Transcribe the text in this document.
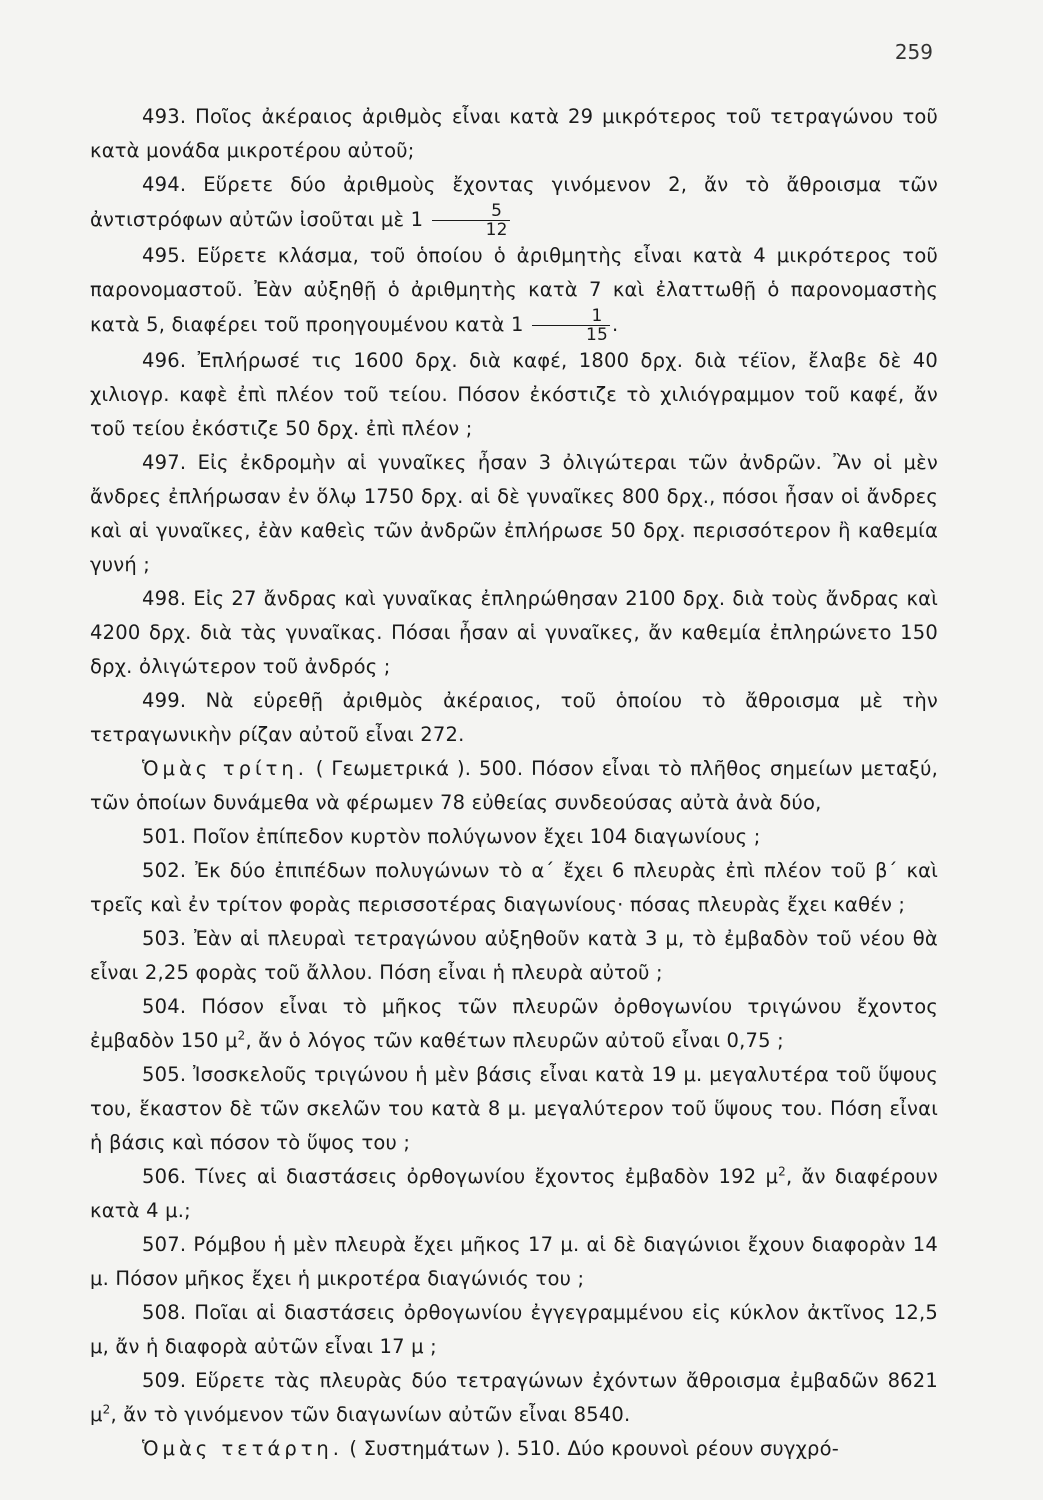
259

493. Ποῖος ἀκέραιος ἀριθμὸς εἶναι κατὰ 29 μικρότερος τοῦ τετραγώνου τοῦ κατὰ μονάδα μικροτέρου αὐτοῦ;

494. Εὕρετε δύο ἀριθμοὺς ἔχοντας γινόμενον 2, ἄν τὸ ἄθροισμα τῶν ἀντιστρόφων αὐτῶν ἰσοῦται μὲ $1 \frac{5}{12}$

495. Εὕρετε κλάσμα, τοῦ ὁποίου ὁ ἀριθμητὴς εἶναι κατὰ 4 μικρότερος τοῦ παρονομαστοῦ. Ἐὰν αὐξηθῇ ὁ ἀριθμητὴς κατὰ 7 καὶ ἐλαττωθῇ ὁ παρονομαστὴς κατὰ 5, διαφέρει τοῦ προηγουμένου κατὰ $1 \frac{1}{15}$ .

496. Ἐπλήρωσέ τις 1600 δρχ. διὰ καφέ, 1800 δρχ. διὰ τέϊον, ἔλαβε δὲ 40 χιλιογρ. καφὲ ἐπὶ πλέον τοῦ τείου. Πόσον ἐκόστιζε τὸ χιλιόγραμμον τοῦ καφέ, ἄν τοῦ τείου ἐκόστιζε 50 δρχ. ἐπὶ πλέον ;

497. Εἰς ἐκδρομὴν αἱ γυναῖκες ἦσαν 3 ὀλιγώτεραι τῶν ἀνδρῶν. Ἂν οἱ μὲν ἄνδρες ἐπλήρωσαν ἐν ὅλῳ 1750 δρχ. αἱ δὲ γυναῖκες 800 δρχ., πόσοι ἦσαν οἱ ἄνδρες καὶ αἱ γυναῖκες, ἐὰν καθεὶς τῶν ἀνδρῶν ἐπλήρωσε 50 δρχ. περισσότερον ἢ καθεμία γυνή ;

498. Εἰς 27 ἄνδρας καὶ γυναῖκας ἐπληρώθησαν 2100 δρχ. διὰ τοὺς ἄνδρας καὶ 4200 δρχ. διὰ τὰς γυναῖκας. Πόσαι ἦσαν αἱ γυναῖκες, ἄν καθεμία ἐπληρώνετο 150 δρχ. ὀλιγώτερον τοῦ ἀνδρός ;

499. Νὰ εὑρεθῇ ἀριθμὸς ἀκέραιος, τοῦ ὁποίου τὸ ἄθροισμα μὲ τὴν τετραγωνικὴν ρίζαν αὐτοῦ εἶναι 272.

Ὁμὰς τρίτη. ( Γεωμετρικά ). 500. Πόσον εἶναι τὸ πλῆθος σημείων μεταξύ, τῶν ὁποίων δυνάμεθα νὰ φέρωμεν 78 εὐθείας συνδεούσας αὐτὰ ἀνὰ δύο,

501. Ποῖον ἐπίπεδον κυρτὸν πολύγωνον ἔχει 104 διαγωνίους ;

502. Ἐκ δύο ἐπιπέδων πολυγώνων τὸ α΄ ἔχει 6 πλευρὰς ἐπὶ πλέον τοῦ β΄ καὶ τρεῖς καὶ ἐν τρίτον φορὰς περισσοτέρας διαγωνίους· πόσας πλευρὰς ἔχει καθέν ;

503. Ἐὰν αἱ πλευραὶ τετραγώνου αὐξηθοῦν κατὰ 3 μ, τὸ ἐμβαδὸν τοῦ νέου θὰ εἶναι 2,25 φορὰς τοῦ ἄλλου. Πόση εἶναι ἡ πλευρὰ αὐτοῦ ;

504. Πόσον εἶναι τὸ μῆκος τῶν πλευρῶν ὀρθογωνίου τριγώνου ἔχοντος ἐμβαδὸν 150 $\mu^2$, ἄν ὁ λόγος τῶν καθέτων πλευρῶν αὐτοῦ εἶναι 0,75 ;

505. Ἰσοσκελοῦς τριγώνου ἡ μὲν βάσις εἶναι κατὰ 19 μ. μεγαλυτέρα τοῦ ὕψους του, ἕκαστον δὲ τῶν σκελῶν του κατὰ 8 μ. μεγαλύτερον τοῦ ὕψους του. Πόση εἶναι ἡ βάσις καὶ πόσον τὸ ὕψος του ;

506. Τίνες αἱ διαστάσεις ὀρθογωνίου ἔχοντος ἐμβαδὸν 192 $\mu^2$, ἄν διαφέρουν κατὰ 4 μ.;

507. Ρόμβου ἡ μὲν πλευρὰ ἔχει μῆκος 17 μ. αἱ δὲ διαγώνιοι ἔχουν διαφορὰν 14 μ. Πόσον μῆκος ἔχει ἡ μικροτέρα διαγώνιός του ;

508. Ποῖαι αἱ διαστάσεις ὀρθογωνίου ἐγγεγραμμένου εἰς κύκλον ἀκτῖνος 12,5 μ, ἄν ἡ διαφορὰ αὐτῶν εἶναι 17 μ ;

509. Εὕρετε τὰς πλευρὰς δύο τετραγώνων ἐχόντων ἄθροισμα ἐμβαδῶν 8621 $\mu^2$, ἄν τὸ γινόμενον τῶν διαγωνίων αὐτῶν εἶναι 8540.

Ὁμὰς τετάρτη. ( Συστημάτων ). 510. Δύο κρουνοὶ ρέουν συγχρό-
